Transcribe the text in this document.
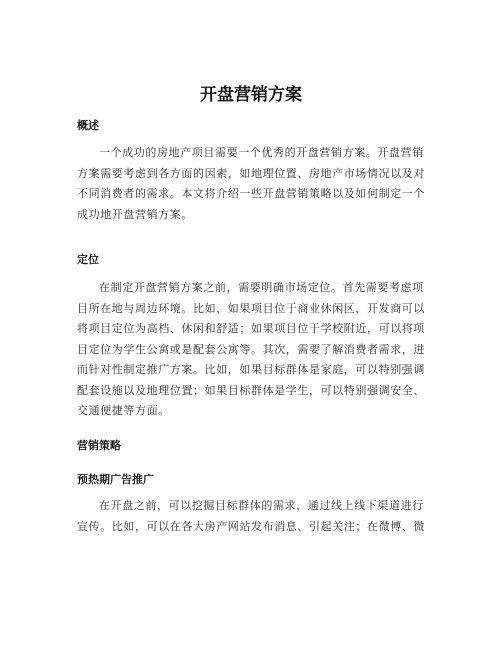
开盘营销方案
概述

一个成功的房地产项目需要一个优秀的开盘营销方案。开盘营销
方案需要考虑到各方面的因素，如地理位置、房地产市场情况以及对
不同消费者的需求。本文将介绍一些开盘营销策略以及如何制定一个
成功地开盘营销方案。

定位

在制定开盘营销方案之前，需要明确市场定位。首先需要考虑项
目所在地与周边环境。比如，如果项目位于商业休闲区，开发商可以
将项目定位为高档、休闲和舒适；如果项目位于学校附近，可以将项
目定位为学生公寓或是配套公寓等。其次，需要了解消费者需求，进
而针对性制定推广方案。比如，如果目标群体是家庭，可以特别强调
配套设施以及地理位置；如果目标群体是学生，可以特别强调安全、
交通便捷等方面。

营销策略
预热期广告推广

在开盘之前，可以挖掘目标群体的需求，通过线上线下渠道进行
宣传。比如，可以在各大房产网站发布消息、引起关注；在微博、微
